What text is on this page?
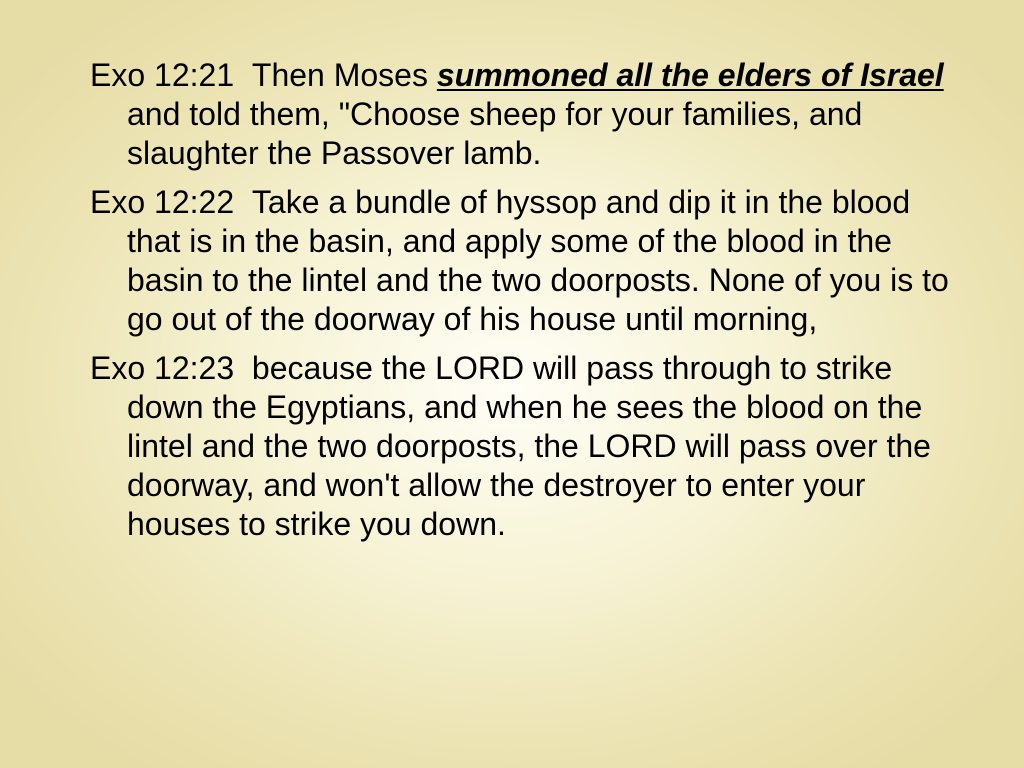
Exo 12:21 Then Moses summoned all the elders of Israel and told them, "Choose sheep for your families, and slaughter the Passover lamb.

Exo 12:22 Take a bundle of hyssop and dip it in the blood that is in the basin, and apply some of the blood in the basin to the lintel and the two doorposts. None of you is to go out of the doorway of his house until morning,

Exo 12:23 because the LORD will pass through to strike down the Egyptians, and when he sees the blood on the lintel and the two doorposts, the LORD will pass over the doorway, and won't allow the destroyer to enter your houses to strike you down.
